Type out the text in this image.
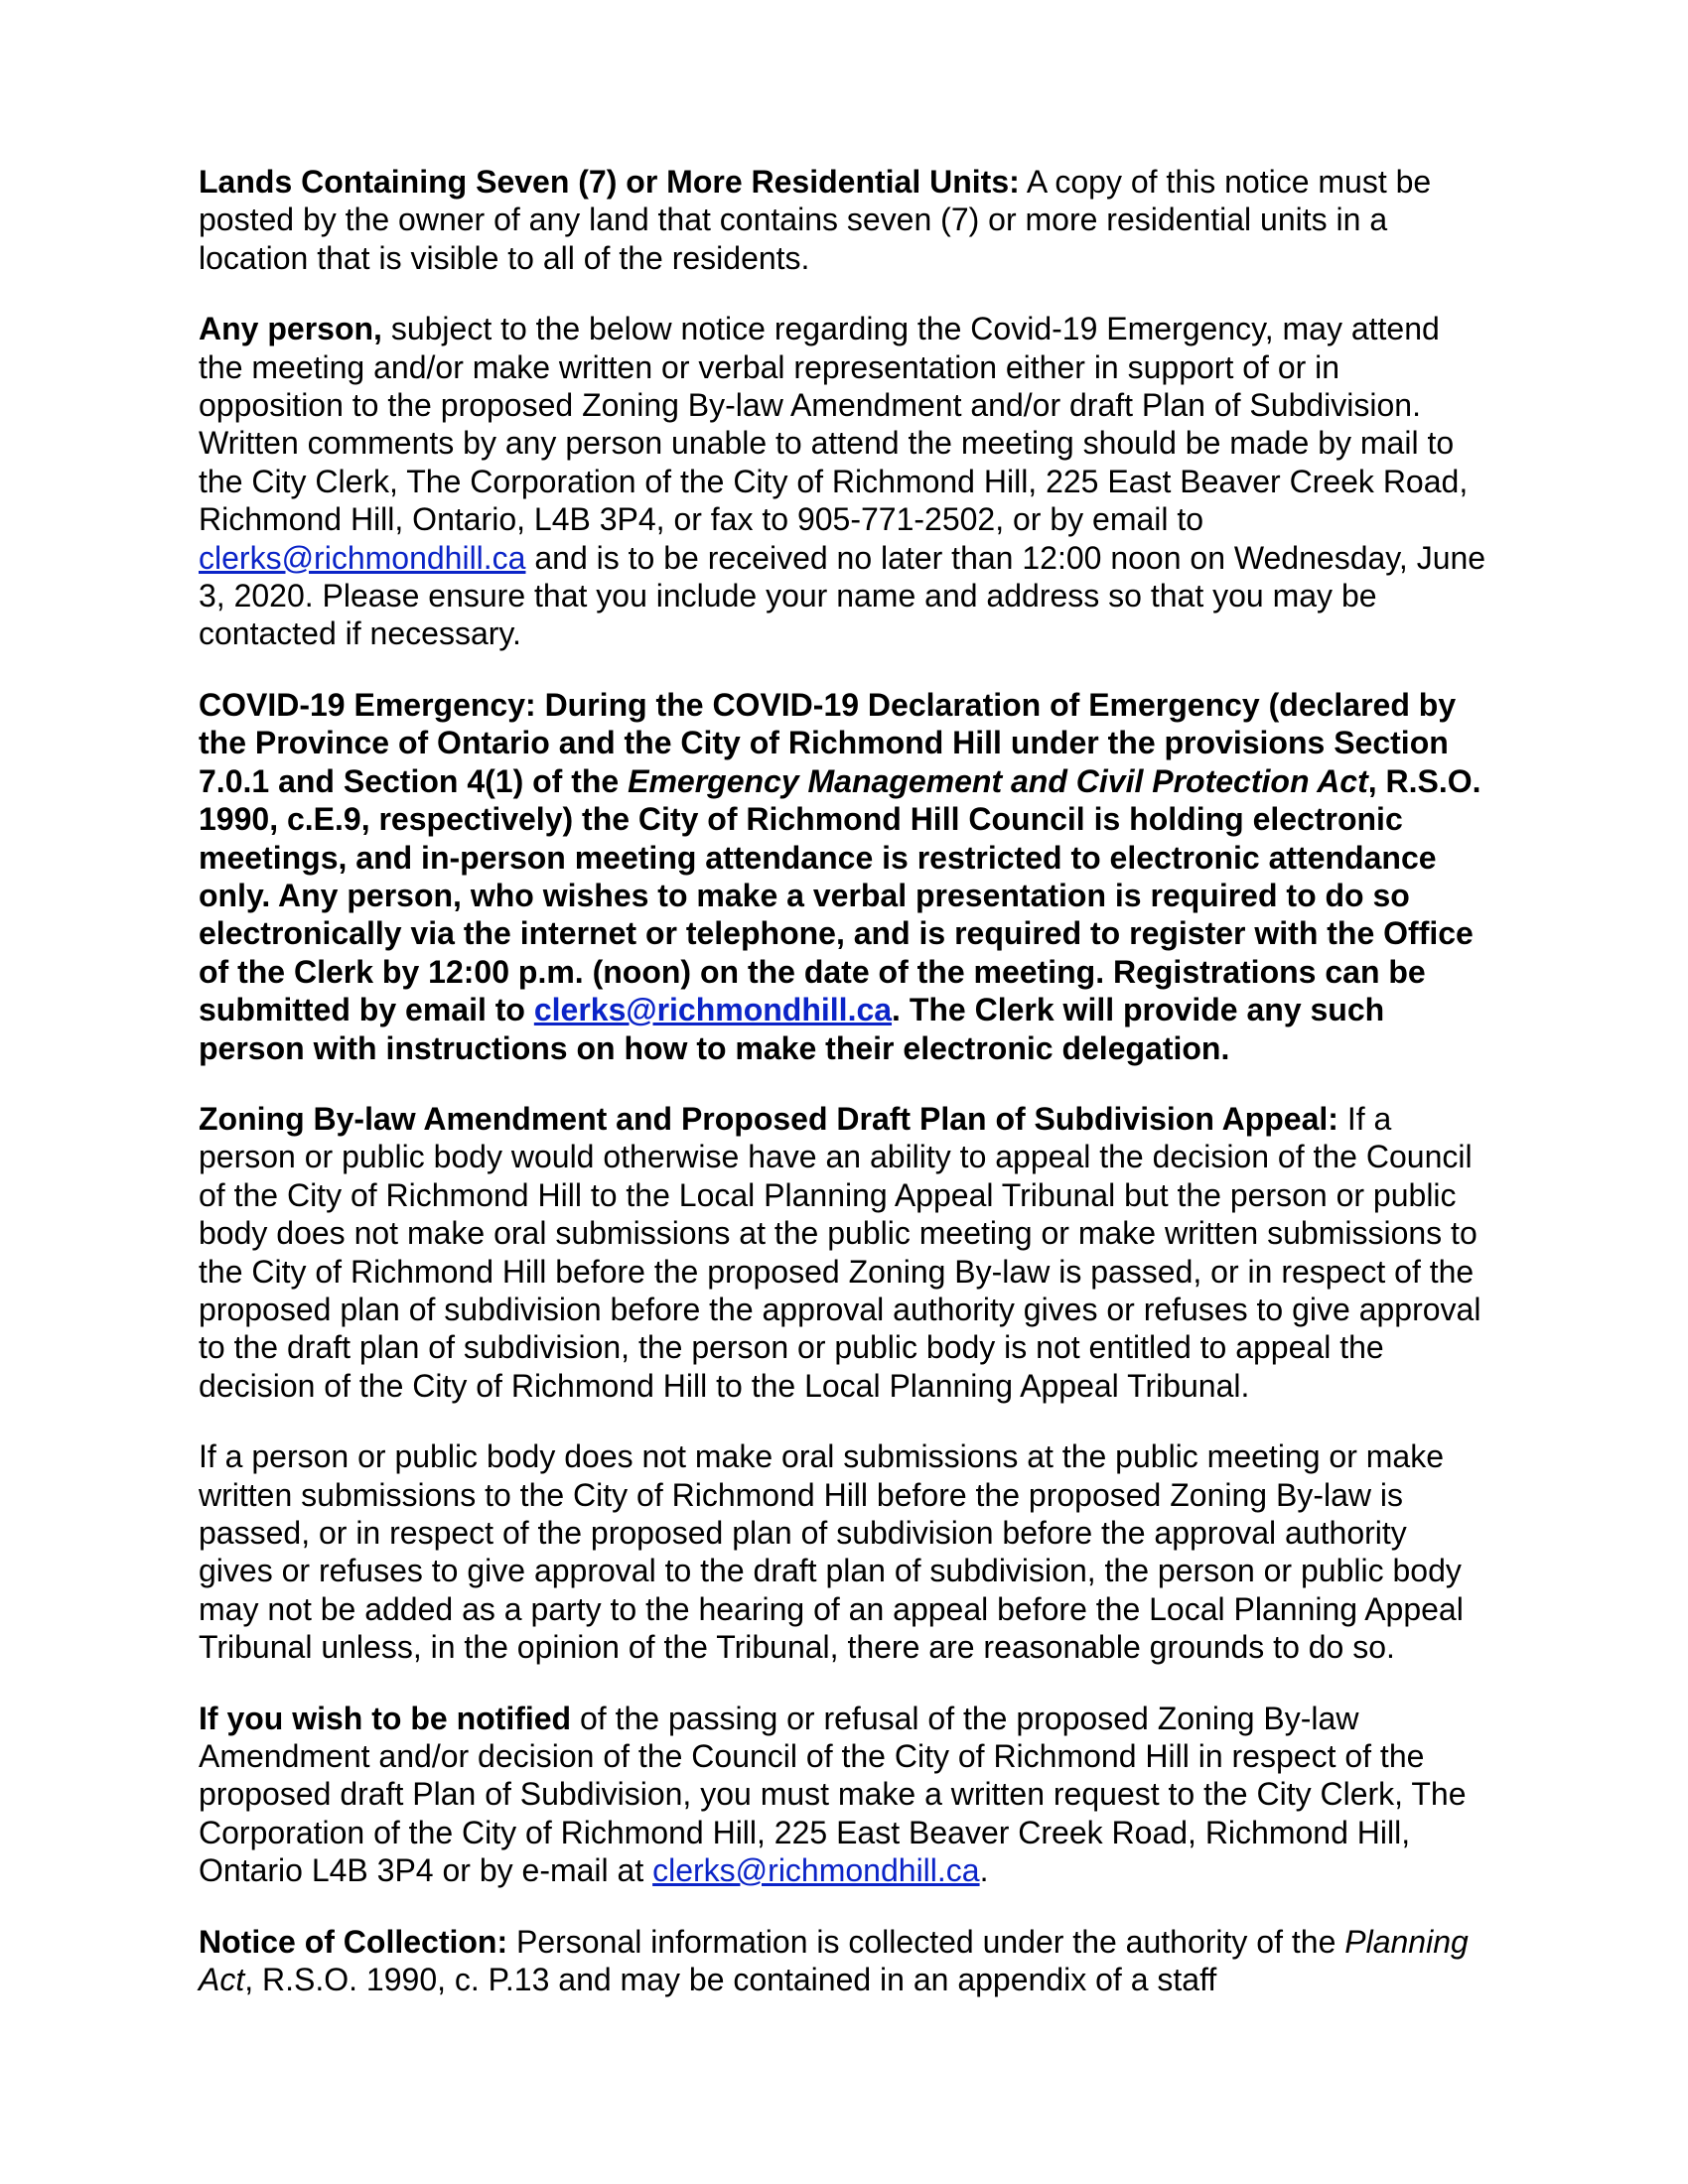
Lands Containing Seven (7) or More Residential Units: A copy of this notice must be posted by the owner of any land that contains seven (7) or more residential units in a location that is visible to all of the residents.

Any person, subject to the below notice regarding the Covid-19 Emergency, may attend the meeting and/or make written or verbal representation either in support of or in opposition to the proposed Zoning By-law Amendment and/or draft Plan of Subdivision. Written comments by any person unable to attend the meeting should be made by mail to the City Clerk, The Corporation of the City of Richmond Hill, 225 East Beaver Creek Road, Richmond Hill, Ontario, L4B 3P4, or fax to 905-771-2502, or by email to clerks@richmondhill.ca and is to be received no later than 12:00 noon on Wednesday, June 3, 2020. Please ensure that you include your name and address so that you may be contacted if necessary.

COVID-19 Emergency: During the COVID-19 Declaration of Emergency (declared by the Province of Ontario and the City of Richmond Hill under the provisions Section 7.0.1 and Section 4(1) of the Emergency Management and Civil Protection Act, R.S.O. 1990, c.E.9, respectively) the City of Richmond Hill Council is holding electronic meetings, and in-person meeting attendance is restricted to electronic attendance only. Any person, who wishes to make a verbal presentation is required to do so electronically via the internet or telephone, and is required to register with the Office of the Clerk by 12:00 p.m. (noon) on the date of the meeting. Registrations can be submitted by email to clerks@richmondhill.ca. The Clerk will provide any such person with instructions on how to make their electronic delegation.

Zoning By-law Amendment and Proposed Draft Plan of Subdivision Appeal: If a person or public body would otherwise have an ability to appeal the decision of the Council of the City of Richmond Hill to the Local Planning Appeal Tribunal but the person or public body does not make oral submissions at the public meeting or make written submissions to the City of Richmond Hill before the proposed Zoning By-law is passed, or in respect of the proposed plan of subdivision before the approval authority gives or refuses to give approval to the draft plan of subdivision, the person or public body is not entitled to appeal the decision of the City of Richmond Hill to the Local Planning Appeal Tribunal.

If a person or public body does not make oral submissions at the public meeting or make written submissions to the City of Richmond Hill before the proposed Zoning By-law is passed, or in respect of the proposed plan of subdivision before the approval authority gives or refuses to give approval to the draft plan of subdivision, the person or public body may not be added as a party to the hearing of an appeal before the Local Planning Appeal Tribunal unless, in the opinion of the Tribunal, there are reasonable grounds to do so.

If you wish to be notified of the passing or refusal of the proposed Zoning By-law Amendment and/or decision of the Council of the City of Richmond Hill in respect of the proposed draft Plan of Subdivision, you must make a written request to the City Clerk, The Corporation of the City of Richmond Hill, 225 East Beaver Creek Road, Richmond Hill, Ontario L4B 3P4 or by e-mail at clerks@richmondhill.ca.

Notice of Collection: Personal information is collected under the authority of the Planning Act, R.S.O. 1990, c. P.13 and may be contained in an appendix of a staff
